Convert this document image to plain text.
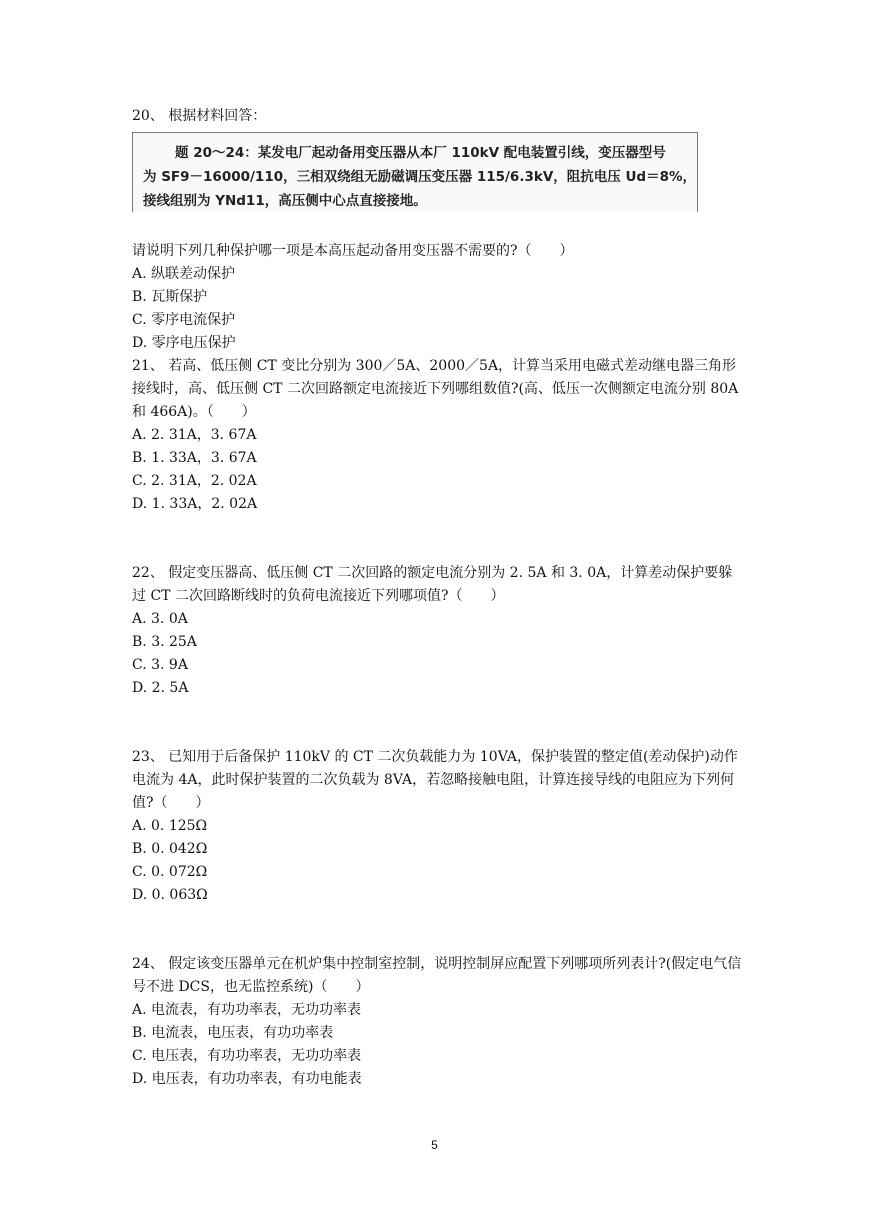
20、 根据材料回答：

题 20～24：某发电厂起动备用变压器从本厂 110kV 配电装置引线，变压器型号

为 SF9－16000/110，三相双绕组无励磁调压变压器 115/6.3kV，阻抗电压 Ud＝8%，

接线组别为 YNd11，高压侧中心点直接接地。

请说明下列几种保护哪一项是本高压起动备用变压器不需要的?（　　）

A. 纵联差动保护

B. 瓦斯保护

C. 零序电流保护

D. 零序电压保护

21、 若高、低压侧 CT 变比分别为 300／5A、2000／5A，计算当采用电磁式差动继电器三角形接线时，高、低压侧 CT 二次回路额定电流接近下列哪组数值?(高、低压一次侧额定电流分别 80A 和 466A)。（　　）

A. 2. 31A，3. 67A

B. 1. 33A，3. 67A

C. 2. 31A，2. 02A

D. 1. 33A，2. 02A

22、 假定变压器高、低压侧 CT 二次回路的额定电流分别为 2. 5A 和 3. 0A，计算差动保护要躲过 CT 二次回路断线时的负荷电流接近下列哪项值?（　　）

A. 3. 0A

B. 3. 25A

C. 3. 9A

D. 2. 5A

23、 已知用于后备保护 110kV 的 CT 二次负载能力为 10VA，保护装置的整定值(差动保护)动作电流为 4A，此时保护装置的二次负载为 8VA，若忽略接触电阻，计算连接导线的电阻应为下列何值?（　　）

A. 0. 125Ω

B. 0. 042Ω

C. 0. 072Ω

D. 0. 063Ω

24、 假定该变压器单元在机炉集中控制室控制，说明控制屏应配置下列哪项所列表计?(假定电气信号不进 DCS，也无监控系统)（　　）

A. 电流表，有功功率表，无功功率表

B. 电流表，电压表，有功功率表

C. 电压表，有功功率表，无功功率表

D. 电压表，有功功率表，有功电能表

5
